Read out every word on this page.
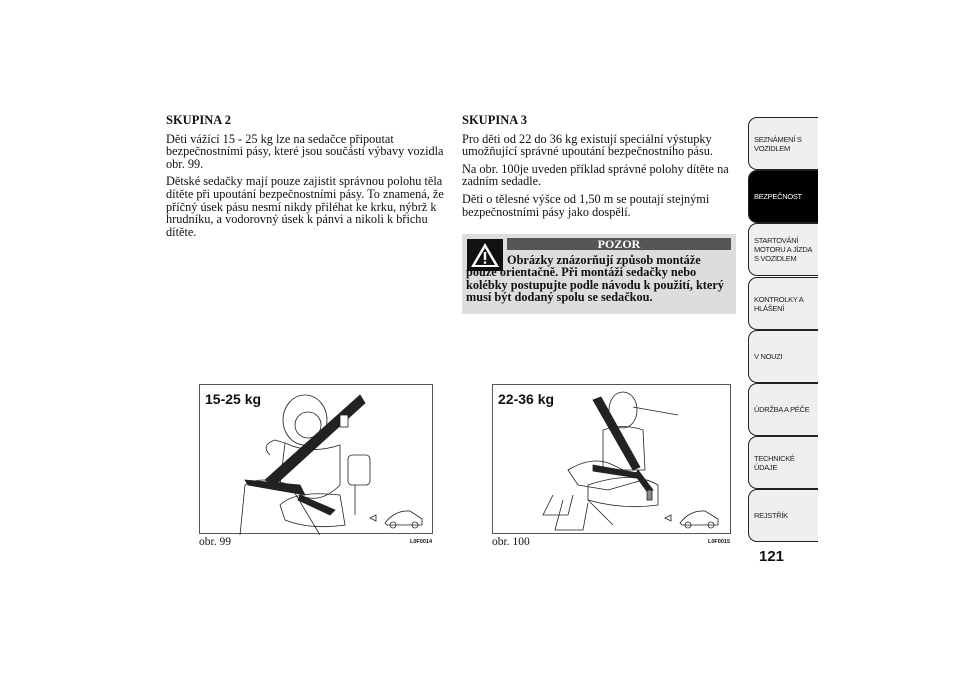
SKUPINA 2

Děti vážící 15 - 25 kg lze na sedačce připoutat bezpečnostními pásy, které jsou součástí výbavy vozidla obr. 99.

Dětské sedačky mají pouze zajistit správnou polohu těla dítěte při upoutání bezpečnostními pásy. To znamená, že příčný úsek pásu nesmí nikdy přiléhat ke krku, nýbrž k hrudníku, a vodorovný úsek k pánvi a nikoli k břichu dítěte.

SKUPINA 3

Pro děti od 22 do 36 kg existují speciální výstupky umožňující správné upoutání bezpečnostního pásu.

Na obr. 100je uveden příklad správné polohy dítěte na zadním sedadle.

Děti o tělesné výšce od 1,50 m se poutají stejnými bezpečnostními pásy jako dospělí.

POZOR
Obrázky znázorňují způsob montáže pouze orientačně. Při montáži sedačky nebo kolébky postupujte podle návodu k použití, který musí být dodaný spolu se sedačkou.
15-25 kg
obr. 99	L0F0014
22-36 kg
obr. 100	L0F0015
SEZNÁMENÍ S VOZIDLEM
BEZPEČNOST
STARTOVÁNÍ MOTORU A JÍZDA S VOZIDLEM
KONTROLKY A HLÁŠENÍ
V NOUZI
ÚDRŽBA A PÉČE
TECHNICKÉ ÚDAJE
REJSTŘÍK
121
